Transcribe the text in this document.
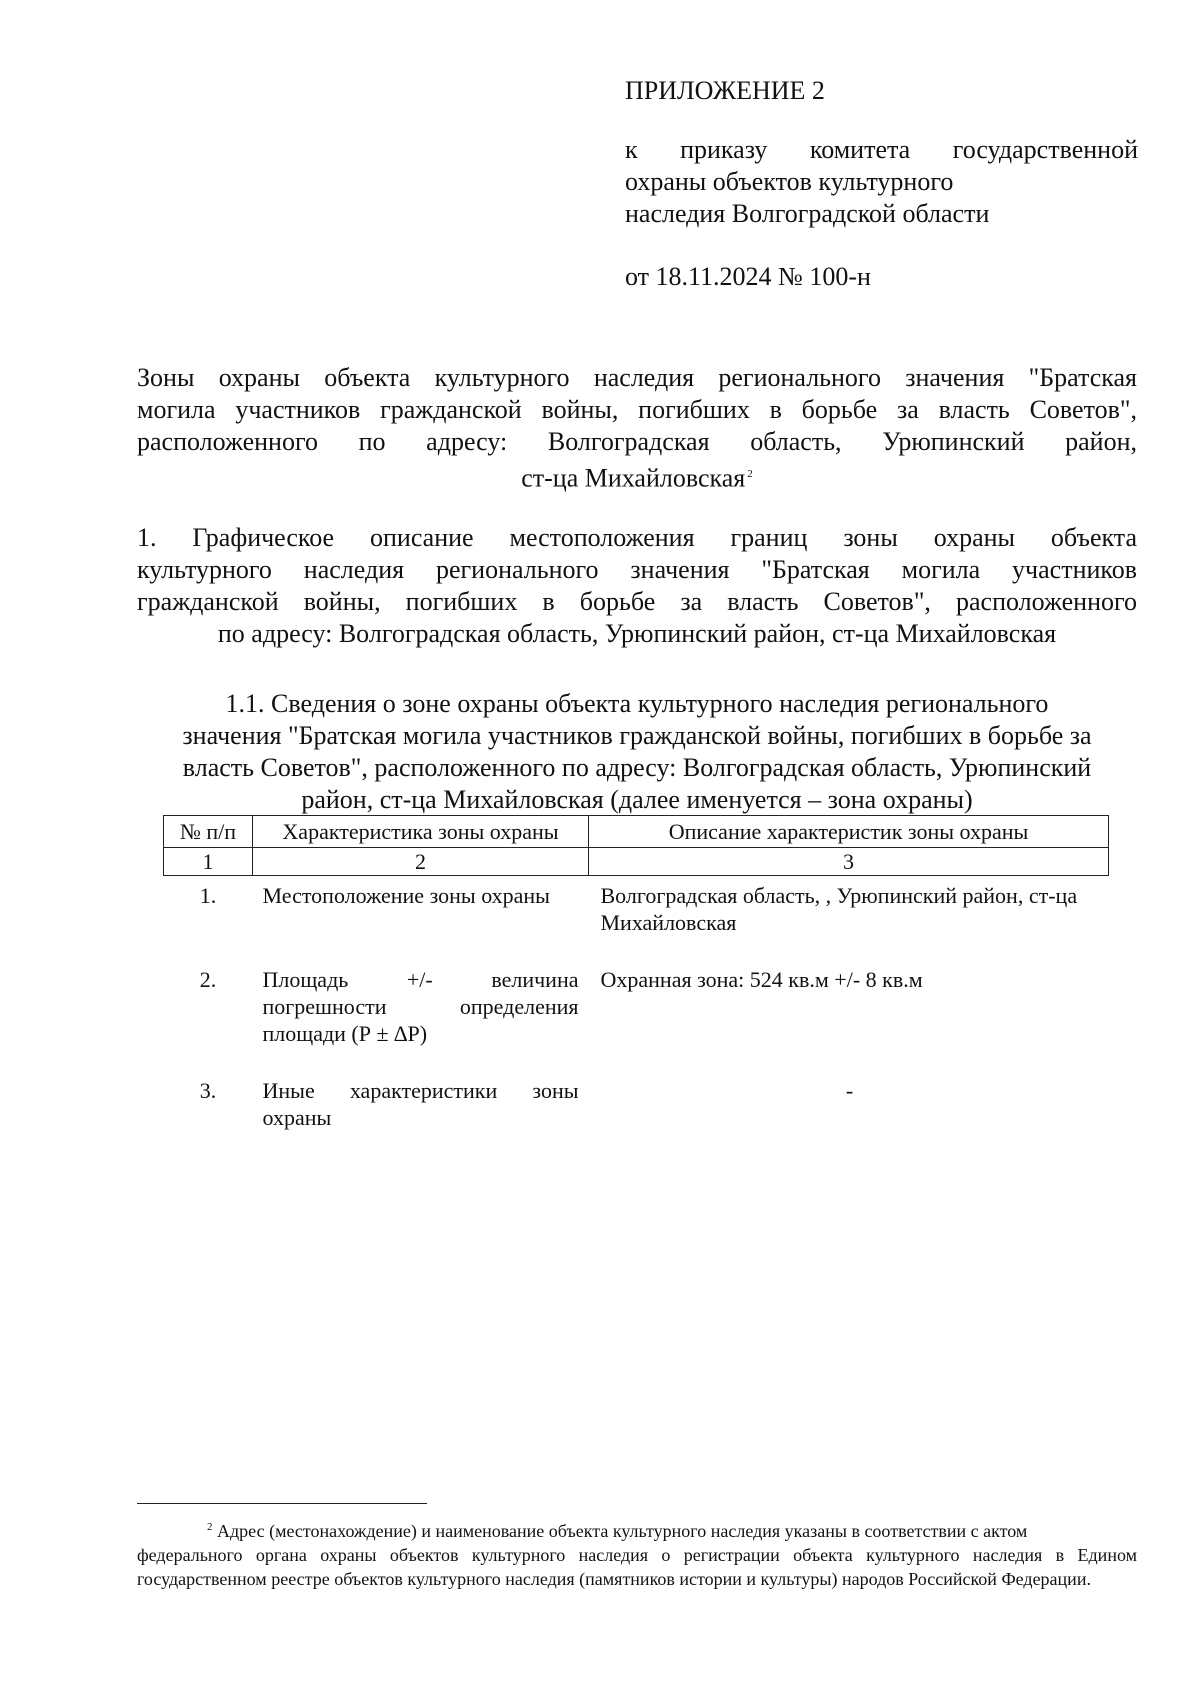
ПРИЛОЖЕНИЕ 2
к приказу комитета государственной
охраны объектов культурного
наследия Волгоградской области
от 18.11.2024 № 100-н
Зоны охраны объекта культурного наследия регионального значения "Братская
могила участников гражданской войны, погибших в борьбе за власть Советов",
расположенного по адресу: Волгоградская область, Урюпинский район,
ст-ца Михайловская $^2$
1. Графическое описание местоположения границ зоны охраны объекта
культурного наследия регионального значения "Братская могила участников
гражданской войны, погибших в борьбе за власть Советов", расположенного
по адресу: Волгоградская область, Урюпинский район, ст-ца Михайловская
1.1. Сведения о зоне охраны объекта культурного наследия регионального
значения "Братская могила участников гражданской войны, погибших в борьбе за
власть Советов", расположенного по адресу: Волгоградская область, Урюпинский
район, ст-ца Михайловская (далее именуется – зона охраны)
№ п/п	Характеристика зоны охраны	Описание характеристик зоны охраны
1	2	3
1.	Местоположение зоны охраны	Волгоградская область, , Урюпинский район, ст-ца Михайловская
2.	Площадь +/- величина погрешности определения площади (Р ± ∆Р)	Охранная зона: 524 кв.м +/- 8 кв.м
3.	Иные характеристики зоны охраны	-
$^2$ Адрес (местонахождение) и наименование объекта культурного наследия указаны в соответствии с актом
федерального органа охраны объектов культурного наследия о регистрации объекта культурного наследия в Едином государственном реестре объектов культурного наследия (памятников истории и культуры) народов Российской Федерации.
